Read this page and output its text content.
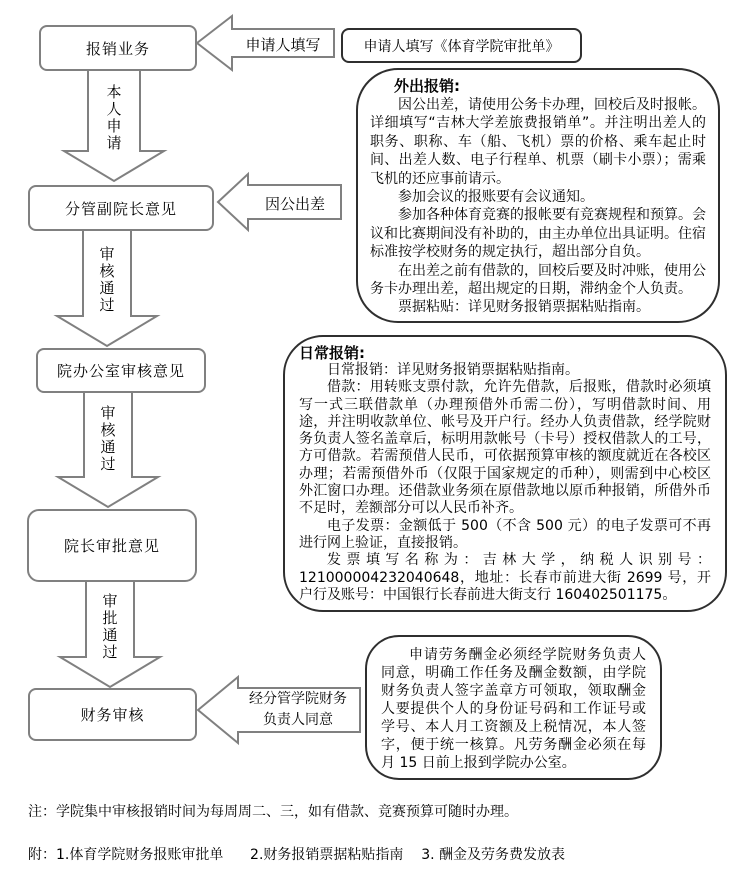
报销业务
分管副院长意见
院办公室审核意见
院长审批意见
财务审核
申请人填写《体育学院审批单》
本人申请
审核通过
审核通过
审批通过
申请人填写
因公出差
经分管学院财务负责人同意
外出报销:

因公出差，请使用公务卡办理，回校后及时报帐。详细填写“吉林大学差旅费报销单”。并注明出差人的职务、职称、车（船、飞机）票的价格、乘车起止时间、出差人数、电子行程单、机票（刷卡小票）；需乘飞机的还应事前请示。

参加会议的报账要有会议通知。

参加各种体育竞赛的报帐要有竞赛规程和预算。会议和比赛期间没有补助的，由主办单位出具证明。住宿标准按学校财务的规定执行，超出部分自负。

在出差之前有借款的，回校后要及时冲账，使用公务卡办理出差，超出规定的日期，滞纳金个人负责。

票据粘贴：详见财务报销票据粘贴指南。

日常报销:

日常报销：详见财务报销票据粘贴指南。

借款：用转账支票付款，允许先借款，后报账，借款时必须填写一式三联借款单（办理预借外币需二份），写明借款时间、用途，并注明收款单位、帐号及开户行。经办人负责借款，经学院财务负责人签名盖章后，标明用款帐号（卡号）授权借款人的工号，方可借款。若需预借人民币，可依据预算审核的额度就近在各校区办理；若需预借外币（仅限于国家规定的币种），则需到中心校区外汇窗口办理。还借款业务须在原借款地以原币种报销，所借外币不足时，差额部分可以人民币补齐。

电子发票：金额低于 500（不含 500 元）的电子发票可不再进行网上验证，直接报销。

发票填写名称为：吉林大学，纳税人识别号：121000004232040648，地址：长春市前进大街 2699 号，开户行及账号：中国银行长春前进大街支行 160402501175。

申请劳务酬金必须经学院财务负责人同意，明确工作任务及酬金数额，由学院财务负责人签字盖章方可领取，领取酬金人要提供个人的身份证号码和工作证号或学号、本人月工资额及上税情况，本人签字，便于统一核算。凡劳务酬金必须在每月 15 日前上报到学院办公室。

注：学院集中审核报销时间为每周周二、三，如有借款、竞赛预算可随时办理。
附：1.体育学院财务报账审批单      2.财务报销票据粘贴指南    3. 酬金及劳务费发放表
